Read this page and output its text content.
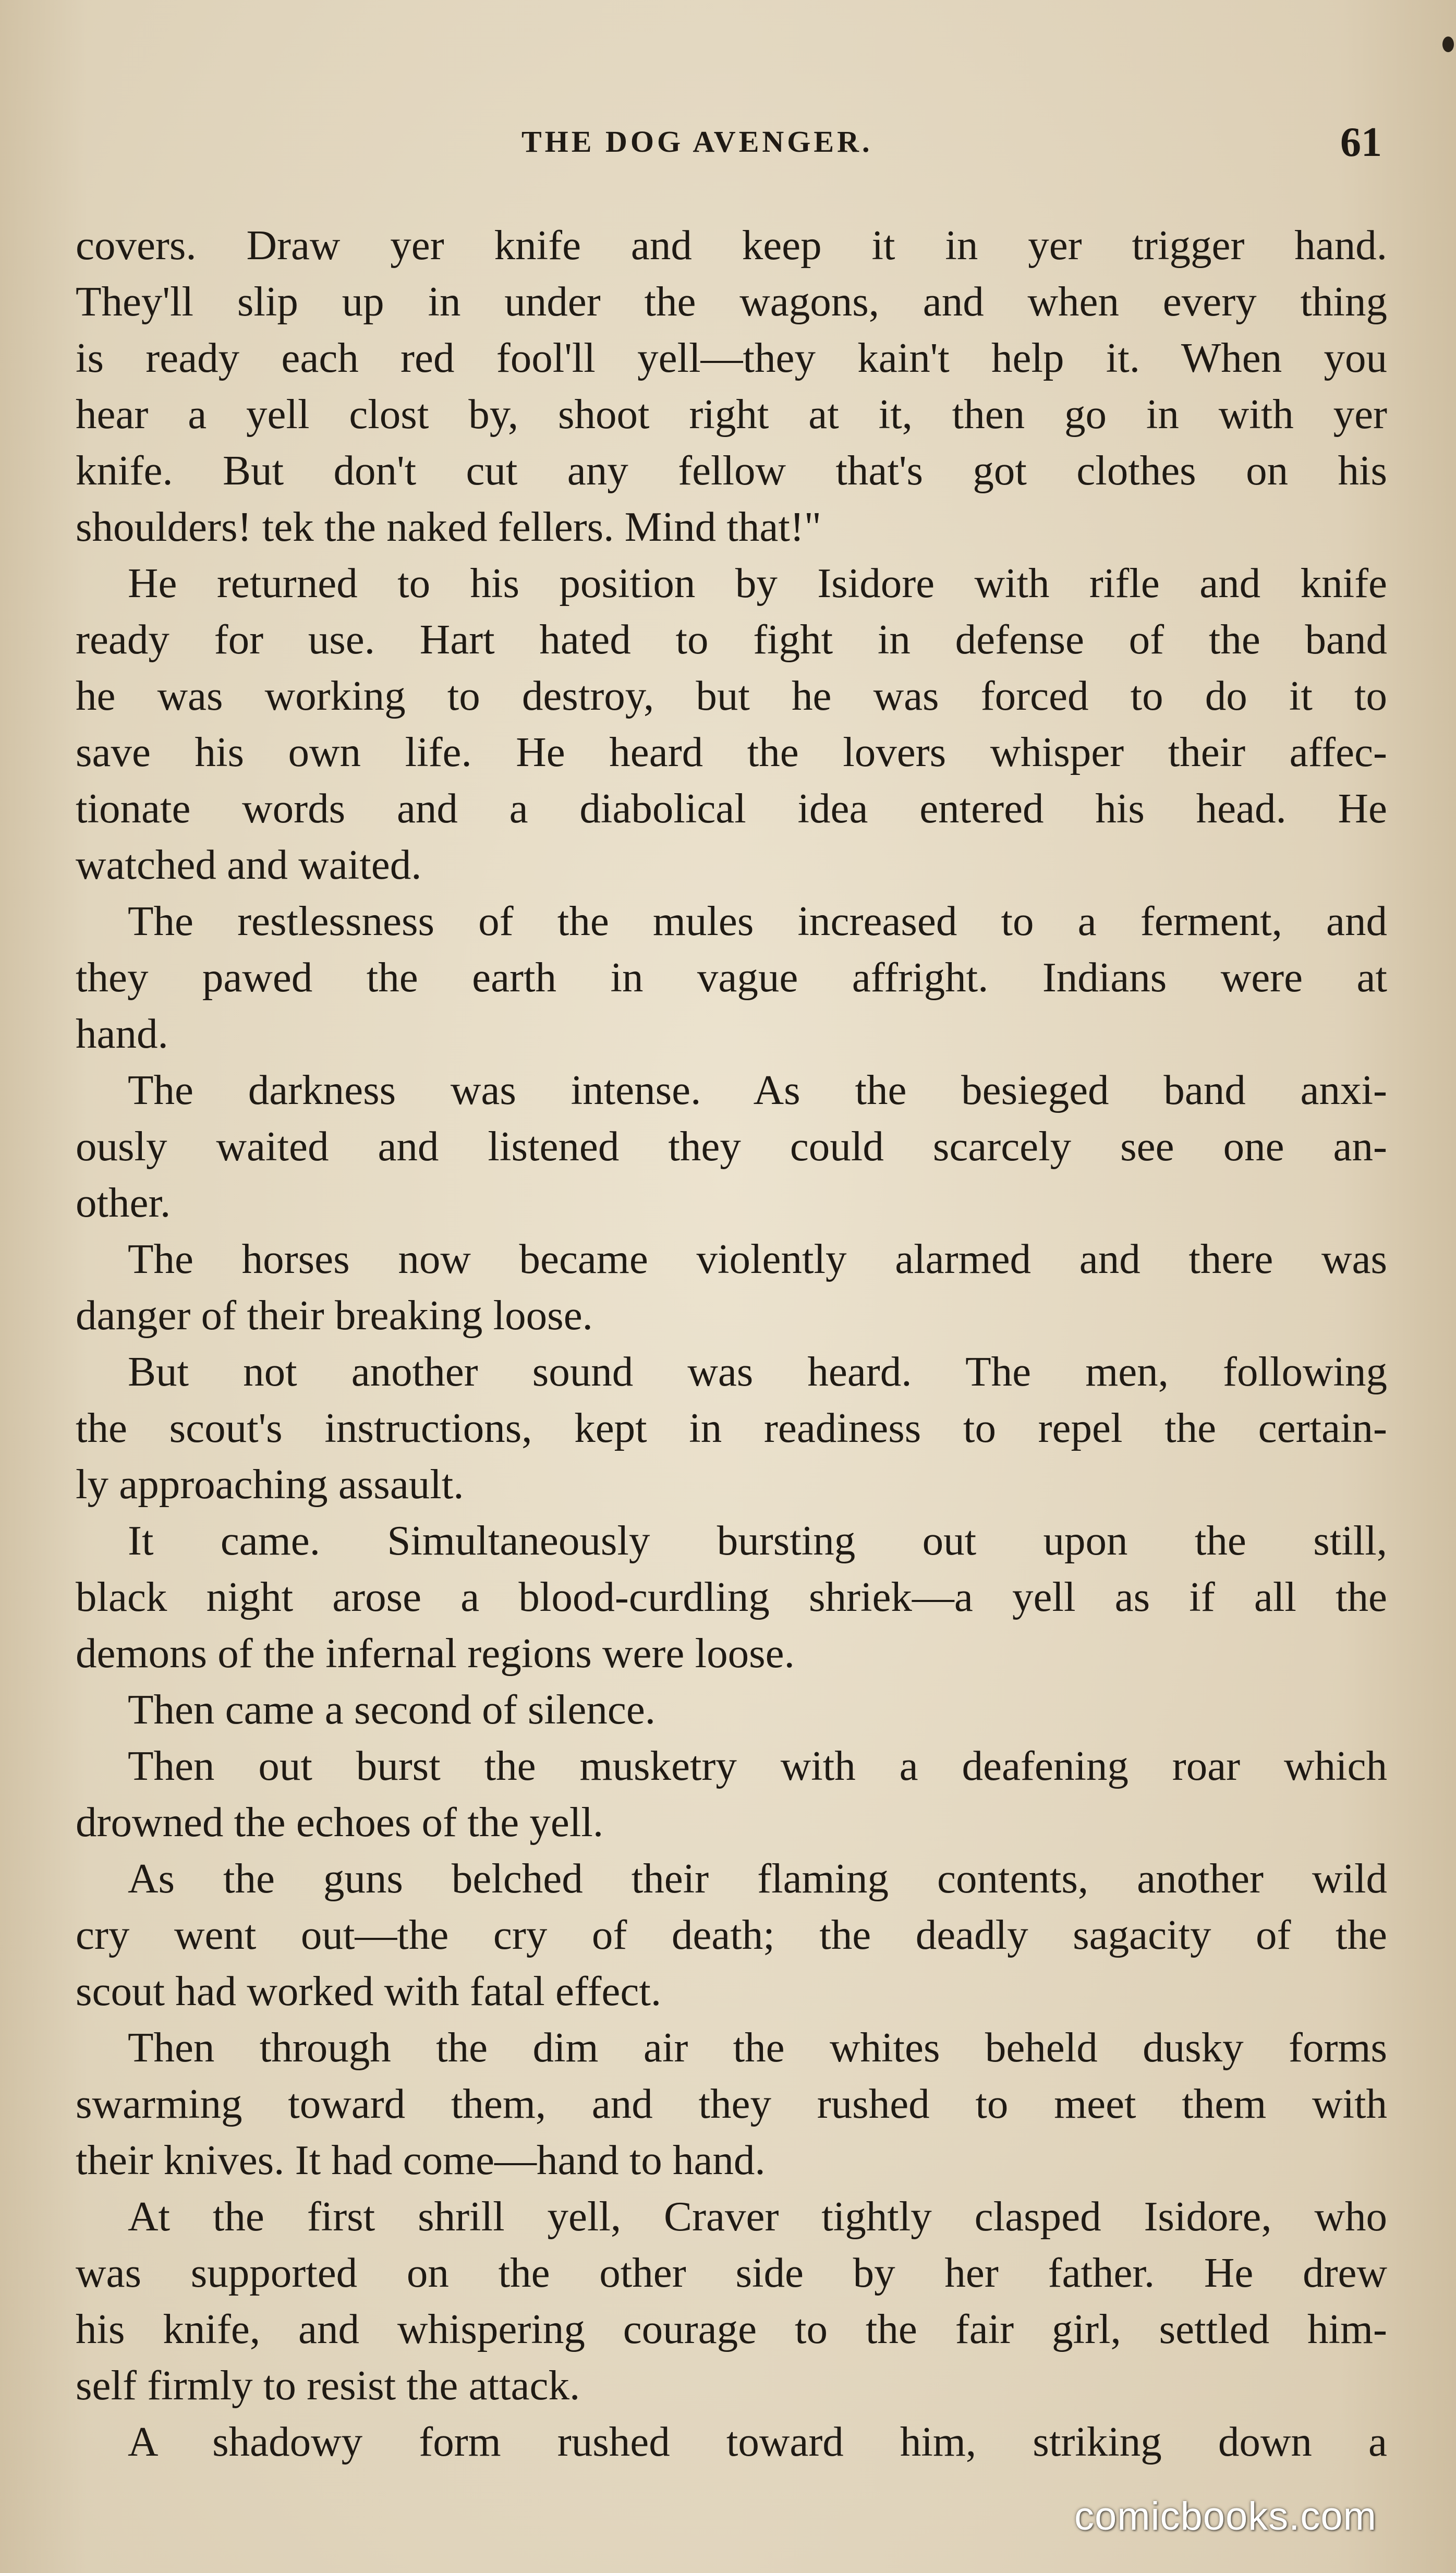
THE DOG AVENGER.	61
covers. Draw yer knife and keep it in yer trigger hand.
They'll slip up in under the wagons, and when every thing
is ready each red fool'll yell—they kain't help it. When you
hear a yell clost by, shoot right at it, then go in with yer
knife. But don't cut any fellow that's got clothes on his
shoulders! tek the naked fellers. Mind that!"
He returned to his position by Isidore with rifle and knife
ready for use. Hart hated to fight in defense of the band
he was working to destroy, but he was forced to do it to
save his own life. He heard the lovers whisper their affec-
tionate words and a diabolical idea entered his head. He
watched and waited.
The restlessness of the mules increased to a ferment, and
they pawed the earth in vague affright. Indians were at
hand.
The darkness was intense. As the besieged band anxi-
ously waited and listened they could scarcely see one an-
other.
The horses now became violently alarmed and there was
danger of their breaking loose.
But not another sound was heard. The men, following
the scout's instructions, kept in readiness to repel the certain-
ly approaching assault.
It came. Simultaneously bursting out upon the still,
black night arose a blood-curdling shriek—a yell as if all the
demons of the infernal regions were loose.
Then came a second of silence.
Then out burst the musketry with a deafening roar which
drowned the echoes of the yell.
As the guns belched their flaming contents, another wild
cry went out—the cry of death; the deadly sagacity of the
scout had worked with fatal effect.
Then through the dim air the whites beheld dusky forms
swarming toward them, and they rushed to meet them with
their knives. It had come—hand to hand.
At the first shrill yell, Craver tightly clasped Isidore, who
was supported on the other side by her father. He drew
his knife, and whispering courage to the fair girl, settled him-
self firmly to resist the attack.
A shadowy form rushed toward him, striking down a
comicbooks.com
